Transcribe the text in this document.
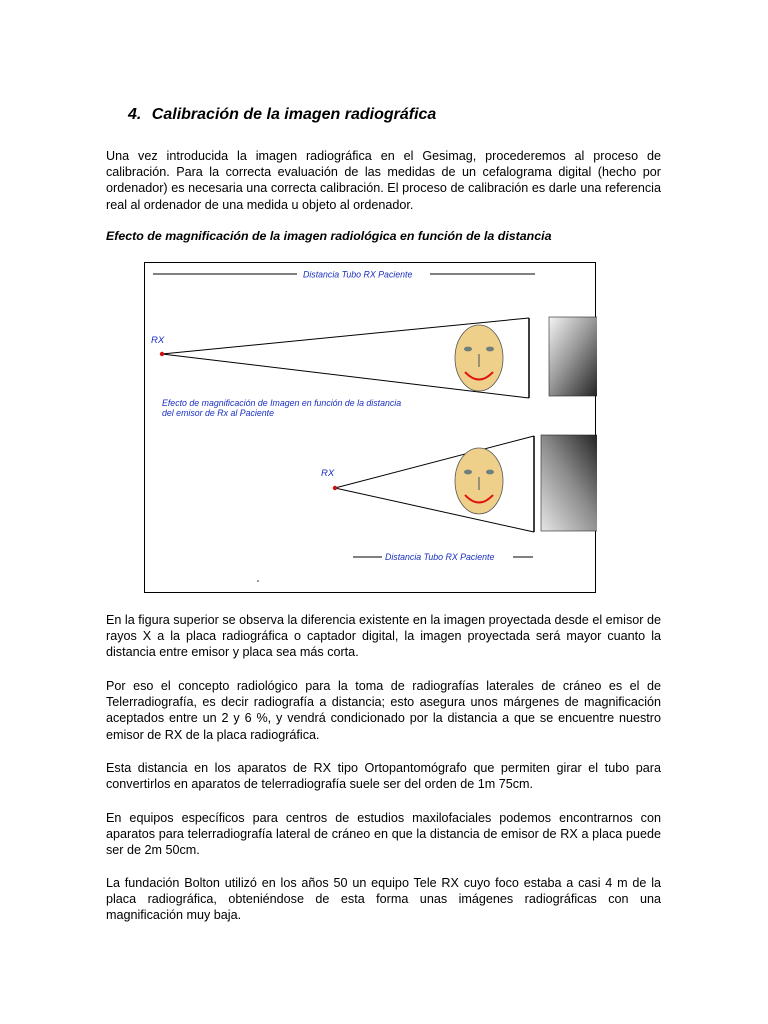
4. Calibración de la imagen radiográfica
Una vez introducida la imagen radiográfica en el Gesimag, procederemos al proceso de calibración. Para la correcta evaluación de las medidas de un cefalograma digital (hecho por ordenador) es necesaria una correcta calibración. El proceso de calibración es darle una referencia real al ordenador de una medida u objeto al ordenador.
Efecto de magnificación de la imagen radiológica en función de la distancia
Distancia Tubo RX Paciente
RX
Efecto de magnificación de Imagen en función de la distancia
del emisor de Rx al Paciente
RX
Distancia Tubo RX Paciente
En la figura superior se observa la diferencia existente en la imagen proyectada desde el emisor de rayos X a la placa radiográfica o captador digital, la imagen proyectada será mayor cuanto la distancia entre emisor y placa sea más corta.
Por eso el concepto radiológico para la toma de radiografías laterales de cráneo es el de Telerradiografía, es decir radiografía a distancia; esto asegura unos márgenes de magnificación aceptados entre un 2 y 6 %, y vendrá condicionado por la distancia a que se encuentre nuestro emisor de RX de la placa radiográfica.
Esta distancia en los aparatos de RX tipo Ortopantomógrafo que permiten girar el tubo para convertirlos en aparatos de telerradiografía suele ser del orden de 1m 75cm.
En equipos específicos para centros de estudios maxilofaciales podemos encontrarnos con aparatos para telerradiografía lateral de cráneo en que la distancia de emisor de RX a placa puede ser de 2m 50cm.
La fundación Bolton utilizó en los años 50 un equipo Tele RX cuyo foco estaba a casi 4 m de la placa radiográfica, obteniéndose de esta forma unas imágenes radiográficas con una magnificación muy baja.
